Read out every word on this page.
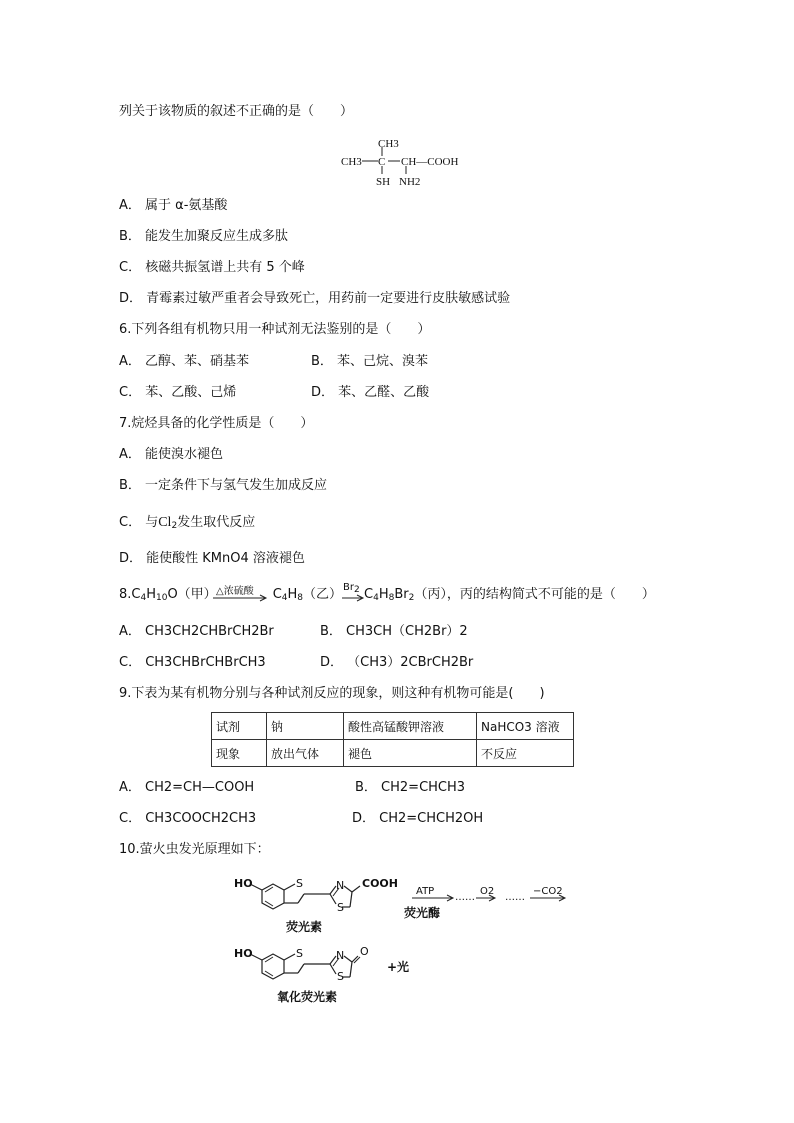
列关于该物质的叙述不正确的是（　　）
CH3
CH3 C CH—COOH
SH NH2
A． 属于 α-氨基酸
B． 能发生加聚反应生成多肽
C． 核磁共振氢谱上共有 5 个峰
D． 青霉素过敏严重者会导致死亡，用药前一定要进行皮肤敏感试验
6.下列各组有机物只用一种试剂无法鉴别的是（　　）
A． 乙醇、苯、硝基苯	B． 苯、己烷、溴苯
C． 苯、乙酸、己烯	D． 苯、乙醛、乙酸
7.烷烃具备的化学性质是（　　）
A． 能使溴水褪色
B． 一定条件下与氢气发生加成反应
C． 与$Cl_2$发生取代反应
D． 能使酸性 KMnO4 溶液褪色
$8.C_4H_{10}O$（甲）	$C_4H_8$（乙） $C_4H_8Br_2$（丙），丙的结构简式不可能的是（　　）
△浓硫酸	$Br_2$
A． CH3CH2CHBrCH2Br	B． CH3CH（CH2Br）2
C． CH3CHBrCHBrCH3	D． （CH3）2CBrCH2Br
9.下表为某有机物分别与各种试剂反应的现象，则这种有机物可能是(　　)
试剂	钠	酸性高锰酸钾溶液	NaHCO3 溶液
现象	放出气体	褪色	不反应
A． CH2=CH—COOH	B． CH2=CHCH3
C． CH3COOCH2CH3	D． CH2=CHCH2OH
10.萤火虫发光原理如下：
HO	S	N
S
COOH
荧光素
ATP
……
O2
……
−CO2
荧光酶
HO	S	N
S
O
+光
氧化荧光素
